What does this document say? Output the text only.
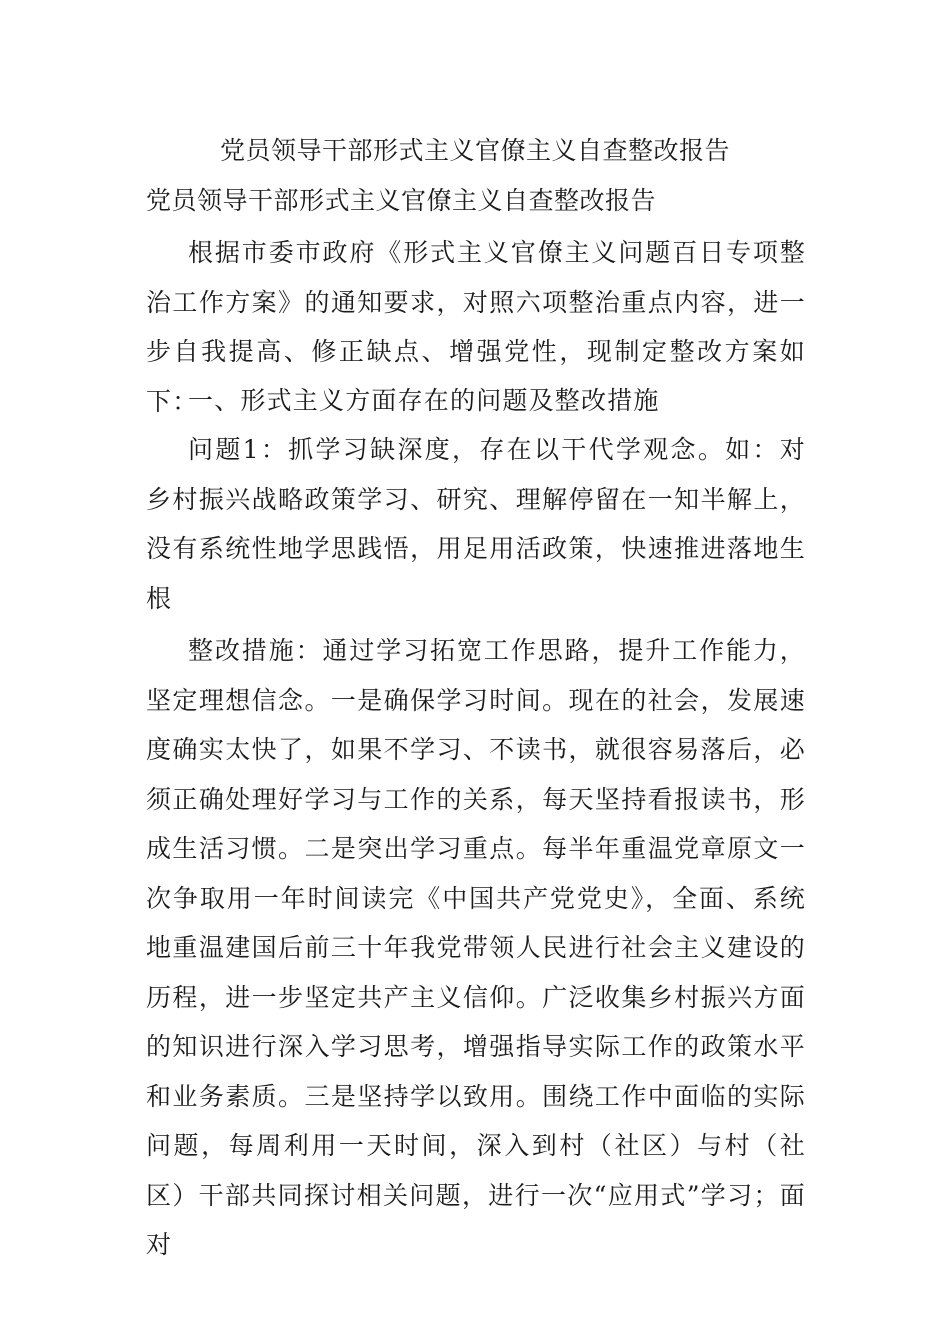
党员领导干部形式主义官僚主义自查整改报告
党员领导干部形式主义官僚主义自查整改报告
根据市委市政府《形式主义官僚主义问题百日专项整治工作方案》的通知要求，对照六项整治重点内容，进一步自我提高、修正缺点、增强党性，现制定整改方案如下：
一、形式主义方面存在的问题及整改措施
问题1：抓学习缺深度，存在以干代学观念。如：对乡村振兴战略政策学习、研究、理解停留在一知半解上，没有系统性地学思践悟，用足用活政策，快速推进落地生根
整改措施：通过学习拓宽工作思路，提升工作能力，坚定理想信念。一是确保学习时间。现在的社会，发展速度确实太快了，如果不学习、不读书，就很容易落后，必须正确处理好学习与工作的关系，每天坚持看报读书，形成生活习惯。二是突出学习重点。每半年重温党章原文一次争取用一年时间读完《中国共产党党史》，全面、系统地重温建国后前三十年我党带领人民进行社会主义建设的历程，进一步坚定共产主义信仰。广泛收集乡村振兴方面的知识进行深入学习思考，增强指导实际工作的政策水平和业务素质。三是坚持学以致用。围绕工作中面临的实际问题，每周利用一天时间，深入到村（社区）与村（社区）干部共同探讨相关问题，进行一次“应用式”学习；面对
